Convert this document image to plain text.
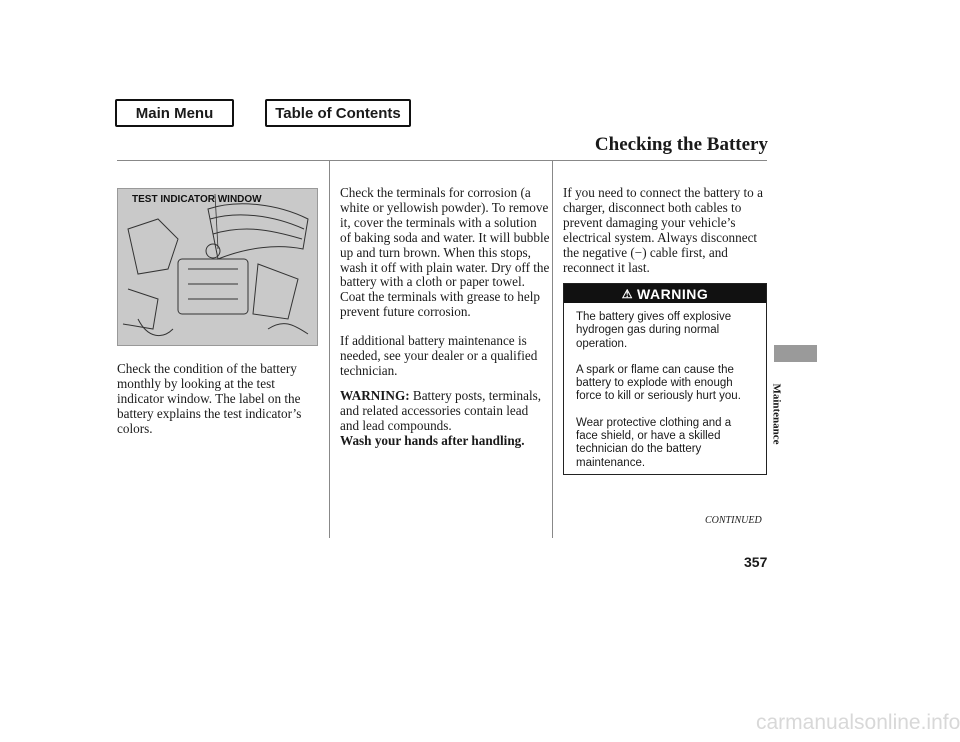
Main Menu	Table of Contents
Checking the Battery
Maintenance
TEST INDICATOR WINDOW
Check the condition of the battery monthly by looking at the test indicator window. The label on the battery explains the test indicator’s colors.
Check the terminals for corrosion (a white or yellowish powder). To remove it, cover the terminals with a solution of baking soda and water. It will bubble up and turn brown. When this stops, wash it off with plain water. Dry off the battery with a cloth or paper towel. Coat the terminals with grease to help prevent future corrosion.
If additional battery maintenance is needed, see your dealer or a qualified technician.
WARNING: Battery posts, terminals, and related accessories contain lead and lead compounds.
Wash your hands after handling.
If you need to connect the battery to a charger, disconnect both cables to prevent damaging your vehicle’s electrical system. Always disconnect the negative (−) cable first, and reconnect it last.
⚠ WARNING

The battery gives off explosive hydrogen gas during normal operation.

A spark or flame can cause the battery to explode with enough force to kill or seriously hurt you.

Wear protective clothing and a face shield, or have a skilled technician do the battery maintenance.

CONTINUED
357
carmanualsonline.info
